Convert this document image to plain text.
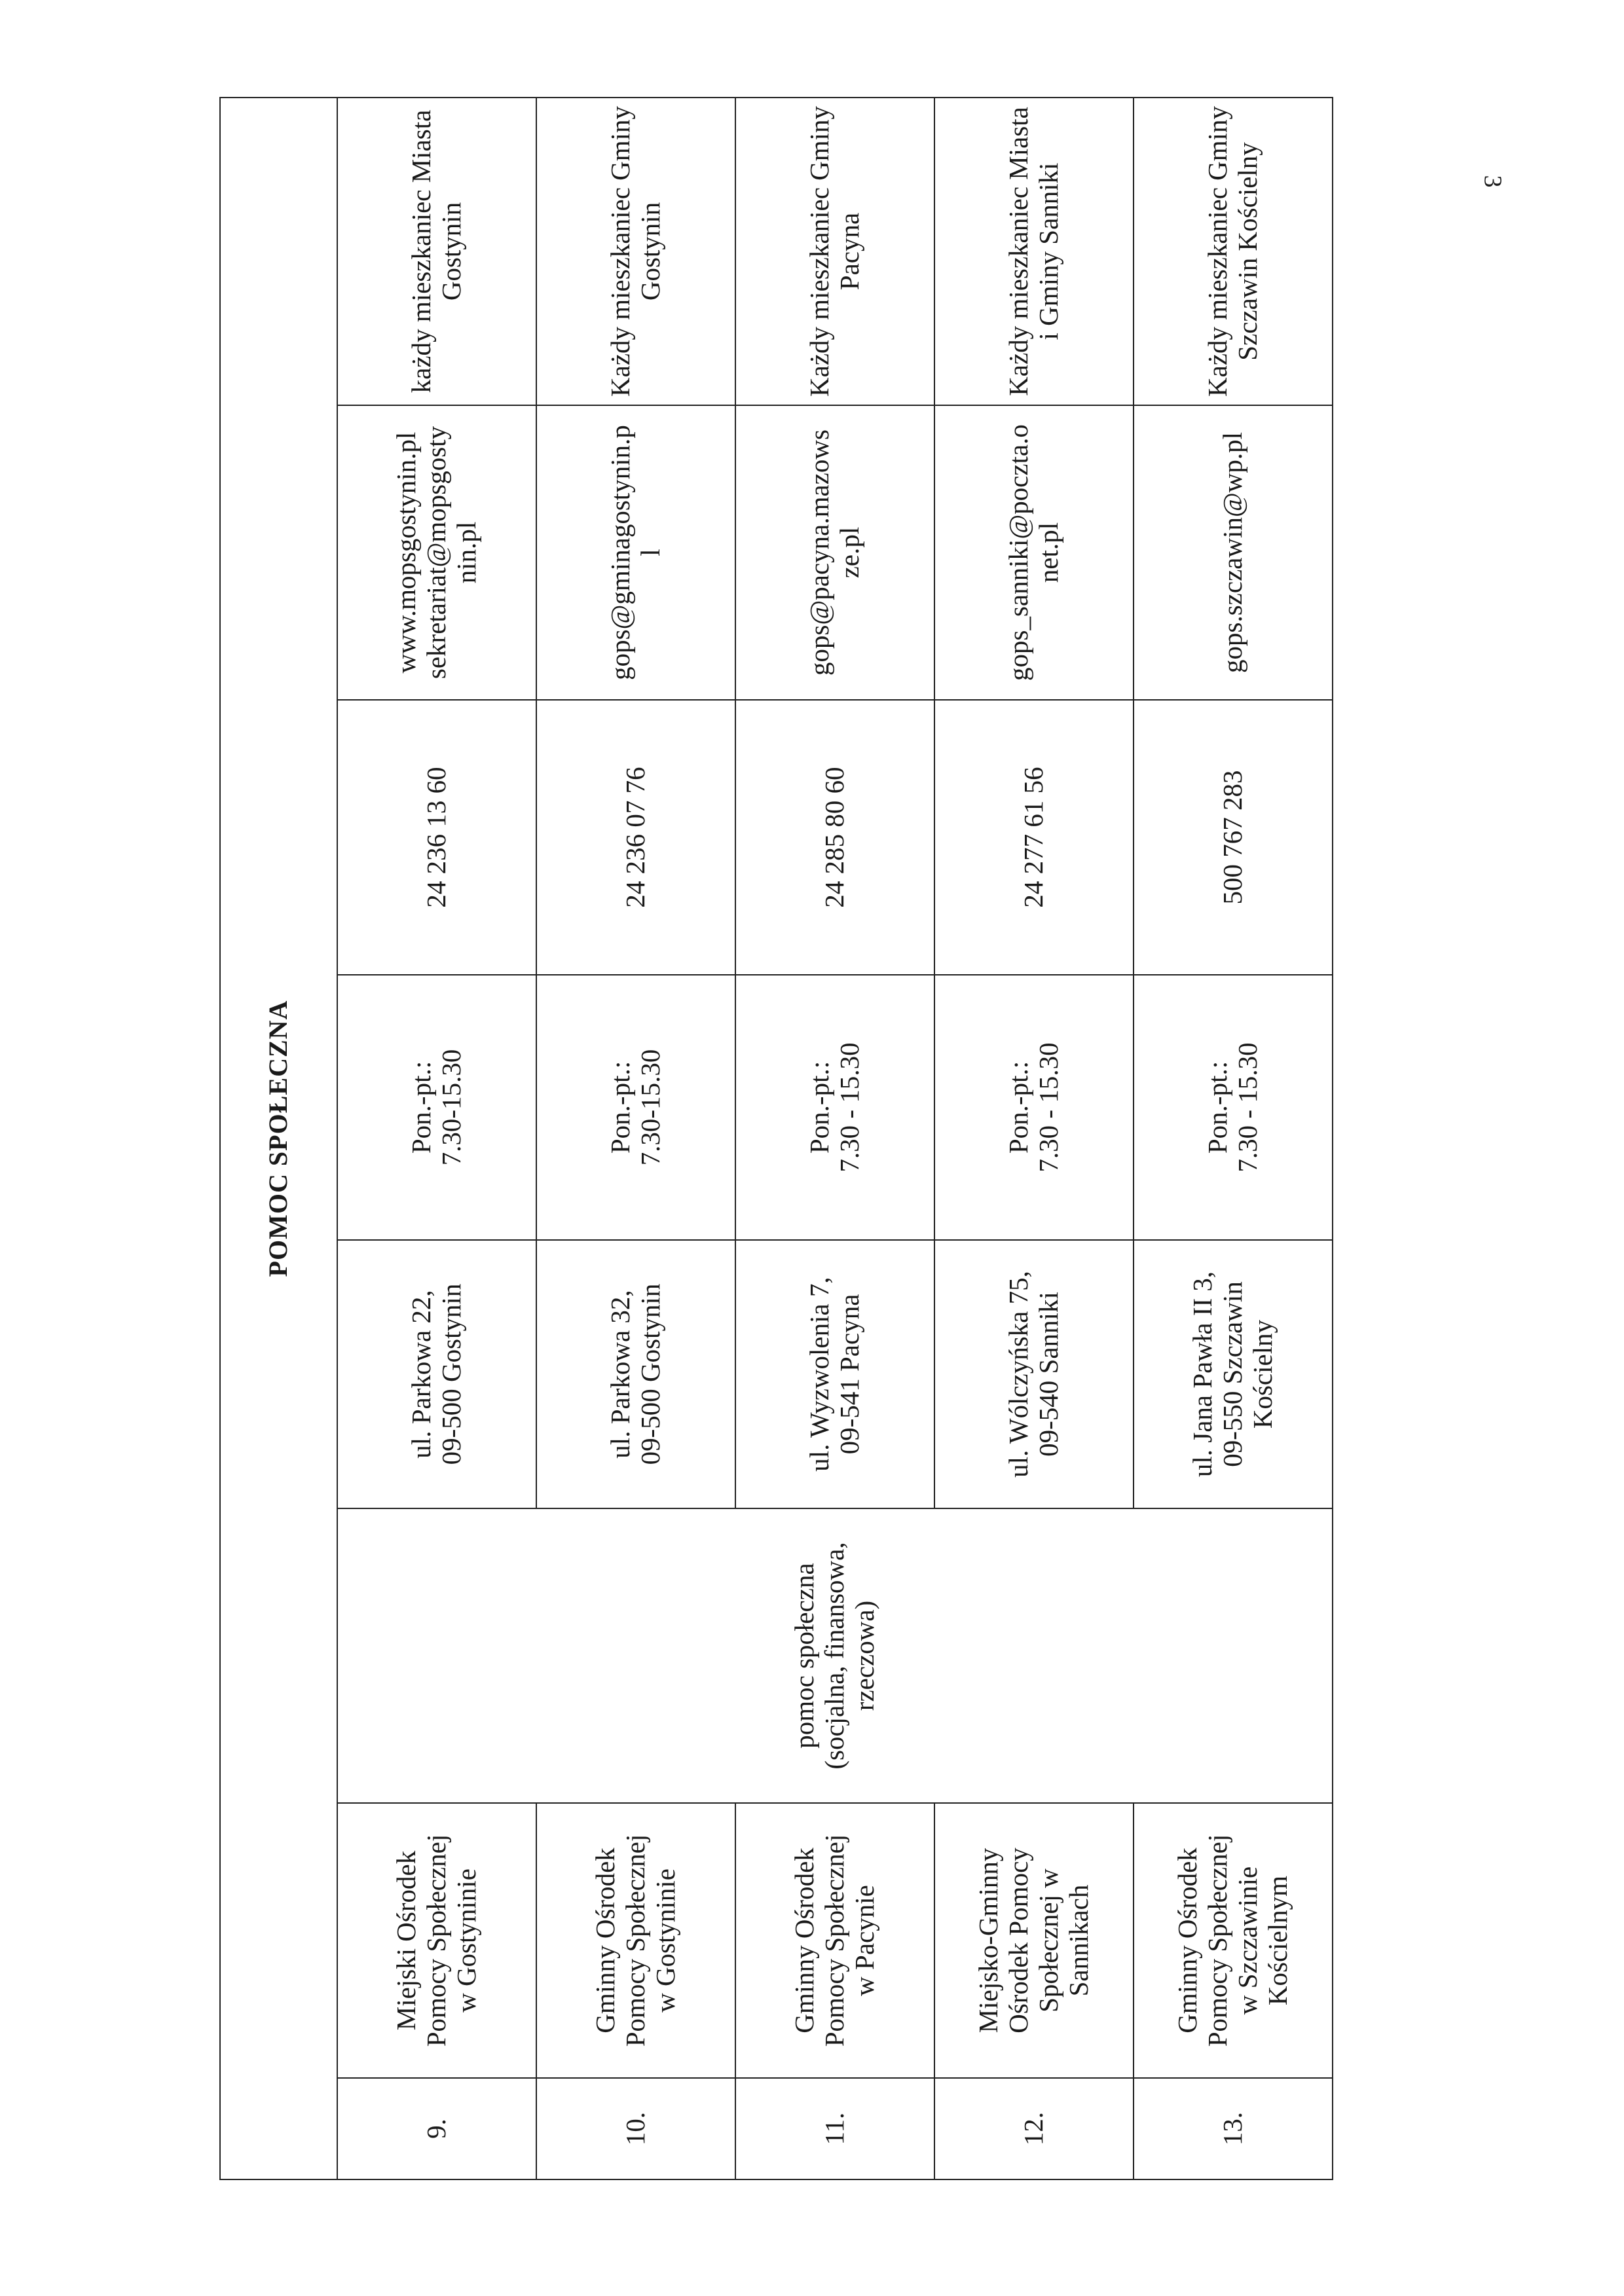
3
POMOC SPOŁECZNA							
9.	Miejski Ośrodek Pomocy Społecznej w Gostyninie	pomoc społeczna (socjalna, finansowa, rzeczowa)	ul. Parkowa 22, 09-500 Gostynin	Pon.-pt.: 7.30-15.30	24 236 13 60	www.mopsgostynin.pl sekretariat@mopsgosty nin.pl	każdy mieszkaniec Miasta Gostynin

10.	Gminny Ośrodek Pomocy Społecznej w Gostyninie		ul. Parkowa 32, 09-500 Gostynin	Pon.-pt.: 7.30-15.30	24 236 07 76	gops@gminagostynin.p l	Każdy mieszkaniec Gminy Gostynin

11.	Gminny Ośrodek Pomocy Społecznej w Pacynie		ul. Wyzwolenia 7, 09-541 Pacyna	Pon.-pt.: 7.30 - 15.30	24 285 80 60	gops@pacyna.mazows ze.pl	Każdy mieszkaniec Gminy Pacyna

12.	Miejsko-Gminny Ośrodek Pomocy Społecznej w Sannikach		ul. Wólczyńska 75, 09-540 Sanniki	Pon.-pt.: 7.30 - 15.30	24 277 61 56	gops_sanniki@poczta.o net.pl	Każdy mieszkaniec Miasta i Gminy Sanniki

13.	Gminny Ośrodek Pomocy Społecznej w Szczawinie Kościelnym		ul. Jana Pawła II 3, 09-550 Szczawin Kościelny	Pon.-pt.: 7.30 - 15.30	500 767 283	gops.szczawin@wp.pl	Każdy mieszkaniec Gminy Szczawin Kościelny
